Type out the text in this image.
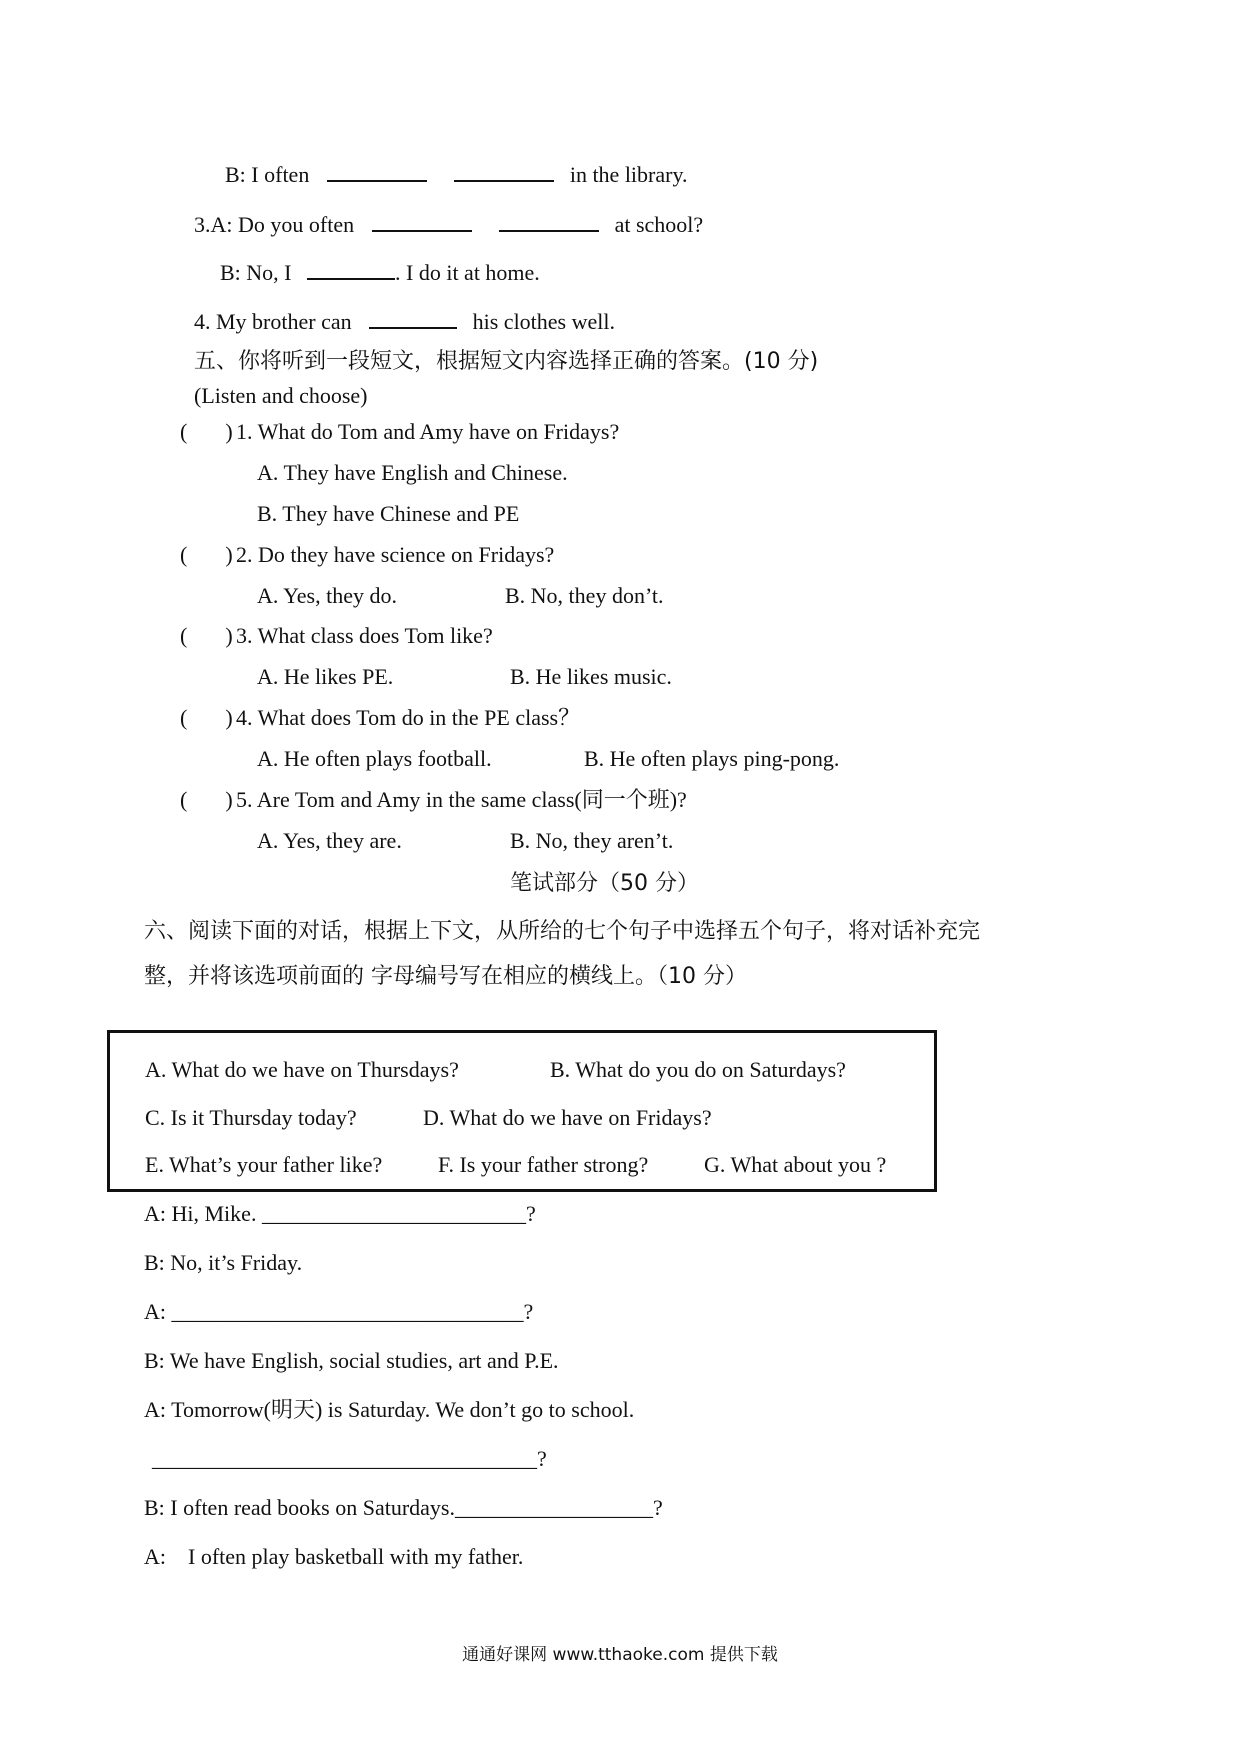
B: I often	in the library.
3.A: Do you often	at school?
B: No, I	. I do it at home.
4. My brother can	his clothes well.
五、你将听到一段短文，根据短文内容选择正确的答案。(10 分)
(Listen and choose)
( ) 1. What do Tom and Amy have on Fridays?
A. They have English and Chinese.
B. They have Chinese and PE
( ) 2. Do they have science on Fridays?
A. Yes, they do.	B. No, they don’t.
( ) 3. What class does Tom like?
A. He likes PE.	B. He likes music.
( ) 4. What does Tom do in the PE class？
A. He often plays football.	B. He often plays ping-pong.
( ) 5. Are Tom and Amy in the same class(同一个班)?
A. Yes, they are.	B. No, they aren’t.
笔试部分（50 分）
六、阅读下面的对话，根据上下文，从所给的七个句子中选择五个句子，将对话补充完
整，并将该选项前面的 字母编号写在相应的横线上。（10 分）
A. What do we have on Thursdays?	B. What do you do on Saturdays?
C. Is it Thursday today?	D. What do we have on Fridays?
E. What’s your father like?	F. Is your father strong?	G. What about you ?
A: Hi, Mike. ________________________?
B: No, it’s Friday.
A: ________________________________?
B: We have English, social studies, art and P.E.
A: Tomorrow(明天) is Saturday. We don’t go to school.
___________________________________?
B: I often read books on Saturdays.__________________?
A:    I often play basketball with my father.
通通好课网 www.tthaoke.com 提供下载
